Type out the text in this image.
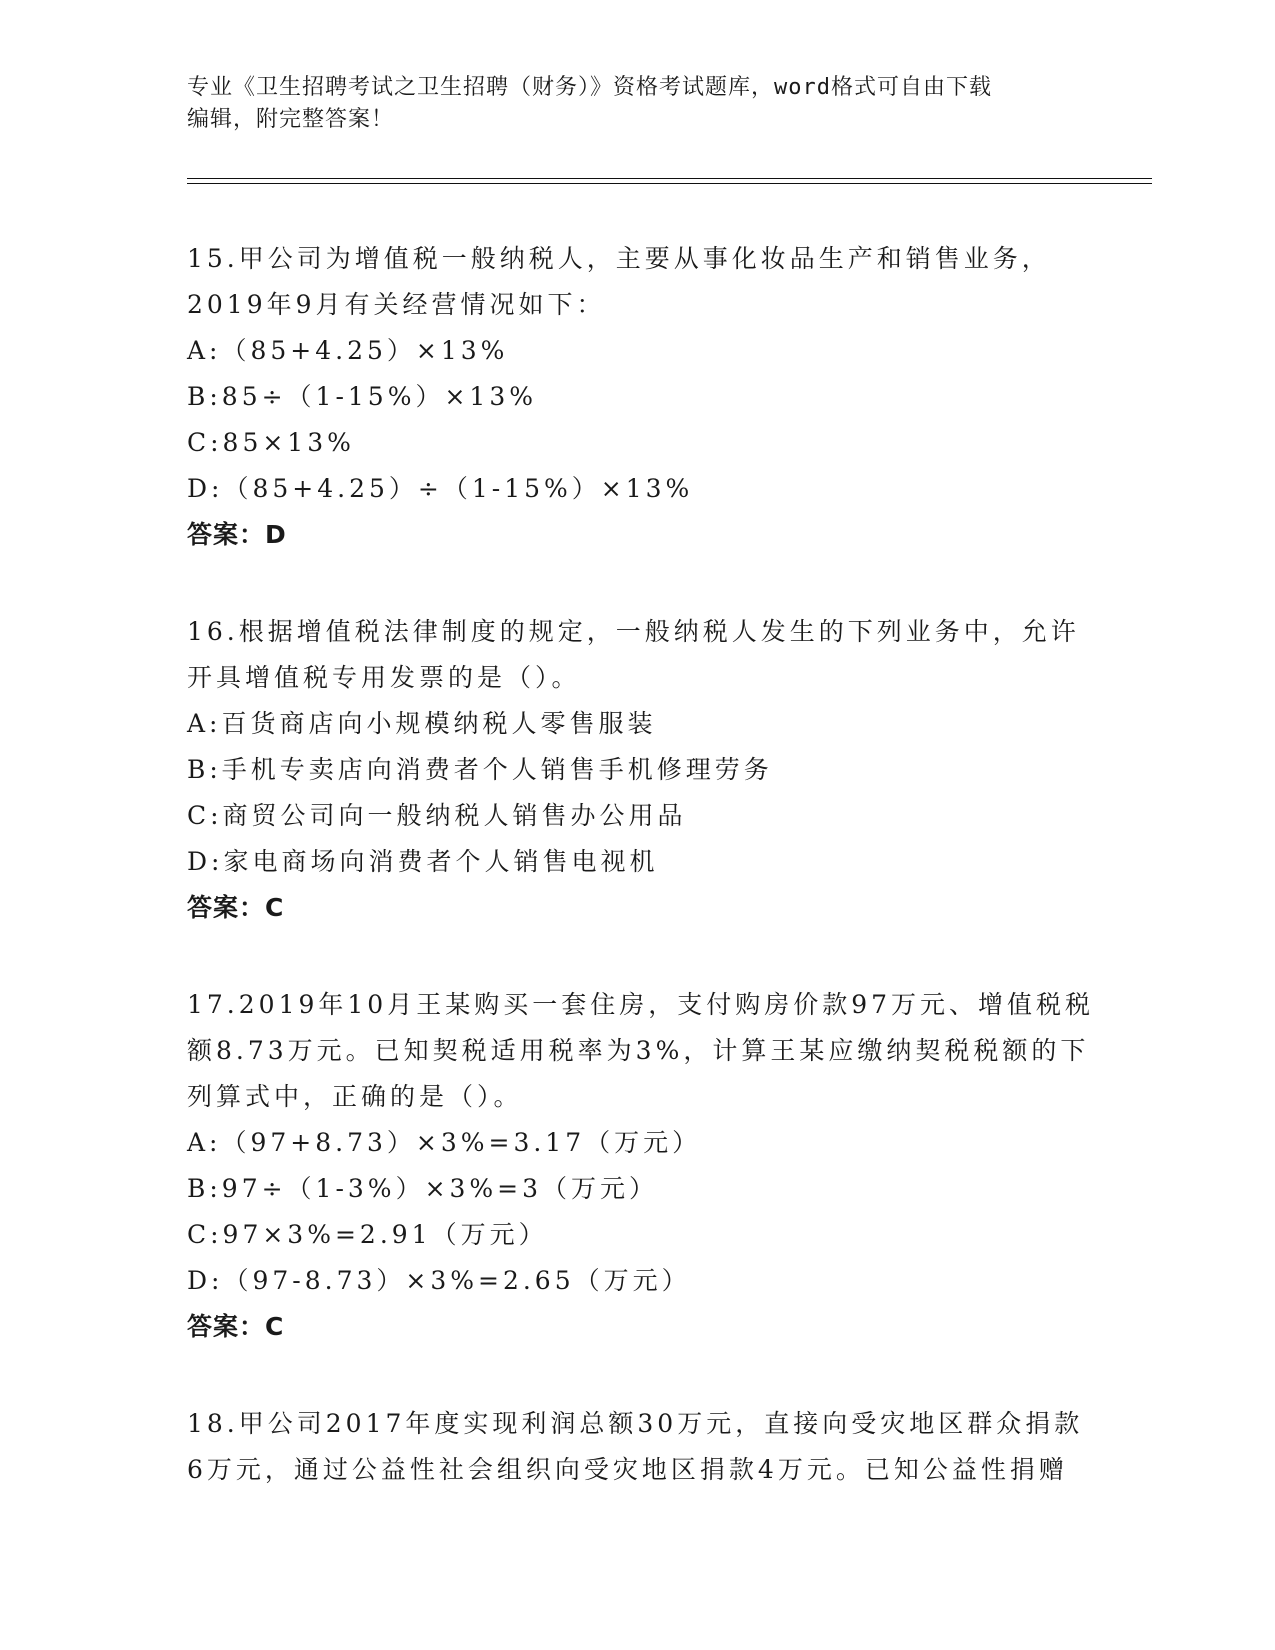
专业《卫生招聘考试之卫生招聘（财务）》资格考试题库，word格式可自由下载
编辑，附完整答案！
15.甲公司为增值税一般纳税人，主要从事化妆品生产和销售业务，
2019年9月有关经营情况如下：
A:（85+4.25）×13%
B:85÷（1-15%）×13%
C:85×13%
D:（85+4.25）÷（1-15%）×13%
答案：D
16.根据增值税法律制度的规定，一般纳税人发生的下列业务中，允许
开具增值税专用发票的是（）。
A:百货商店向小规模纳税人零售服装
B:手机专卖店向消费者个人销售手机修理劳务
C:商贸公司向一般纳税人销售办公用品
D:家电商场向消费者个人销售电视机
答案：C
17.2019年10月王某购买一套住房，支付购房价款97万元、增值税税
额8.73万元。已知契税适用税率为3%，计算王某应缴纳契税税额的下
列算式中，正确的是（）。
A:（97+8.73）×3%=3.17（万元）
B:97÷（1-3%）×3%=3（万元）
C:97×3%=2.91（万元）
D:（97-8.73）×3%=2.65（万元）
答案：C
18.甲公司2017年度实现利润总额30万元，直接向受灾地区群众捐款
6万元，通过公益性社会组织向受灾地区捐款4万元。已知公益性捐赠
